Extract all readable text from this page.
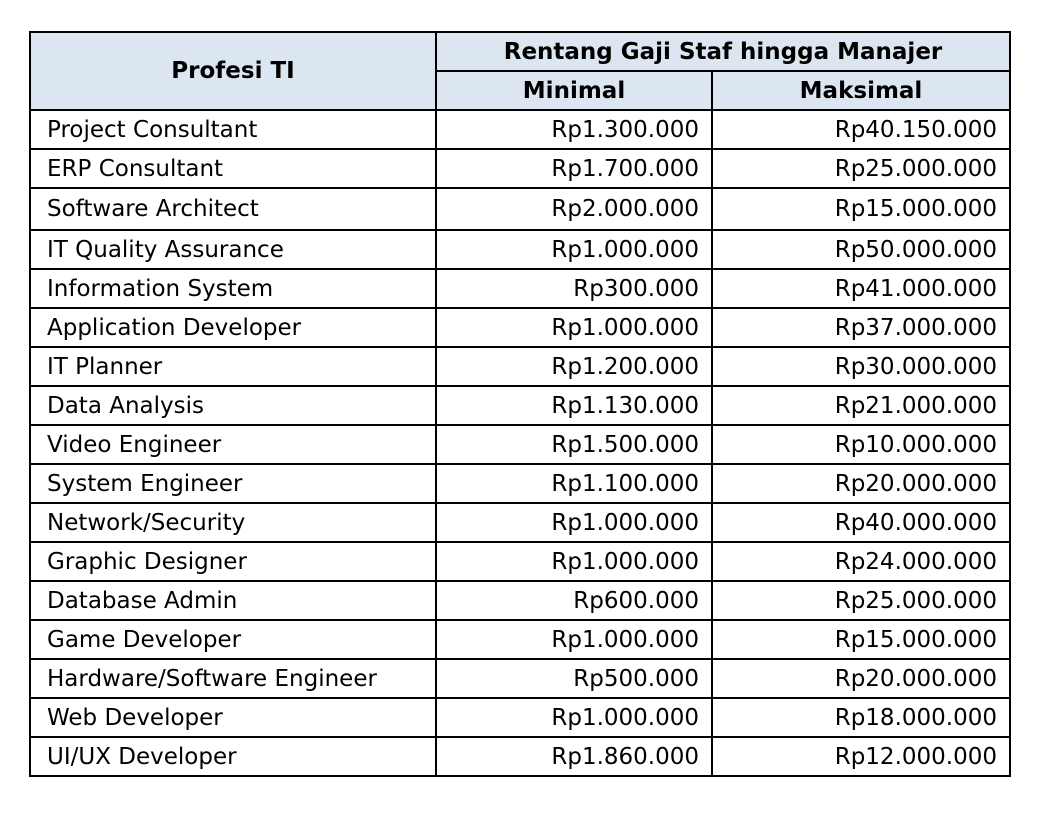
Profesi TI	Rentang Gaji Staf hingga Manajer	
	Minimal	Maksimal
Project Consultant	Rp1.300.000	Rp40.150.000
ERP Consultant	Rp1.700.000	Rp25.000.000
Software Architect	Rp2.000.000	Rp15.000.000
IT Quality Assurance	Rp1.000.000	Rp50.000.000
Information System	Rp300.000	Rp41.000.000
Application Developer	Rp1.000.000	Rp37.000.000
IT Planner	Rp1.200.000	Rp30.000.000
Data Analysis	Rp1.130.000	Rp21.000.000
Video Engineer	Rp1.500.000	Rp10.000.000
System Engineer	Rp1.100.000	Rp20.000.000
Network/Security	Rp1.000.000	Rp40.000.000
Graphic Designer	Rp1.000.000	Rp24.000.000
Database Admin	Rp600.000	Rp25.000.000
Game Developer	Rp1.000.000	Rp15.000.000
Hardware/Software Engineer	Rp500.000	Rp20.000.000
Web Developer	Rp1.000.000	Rp18.000.000
UI/UX Developer	Rp1.860.000	Rp12.000.000
